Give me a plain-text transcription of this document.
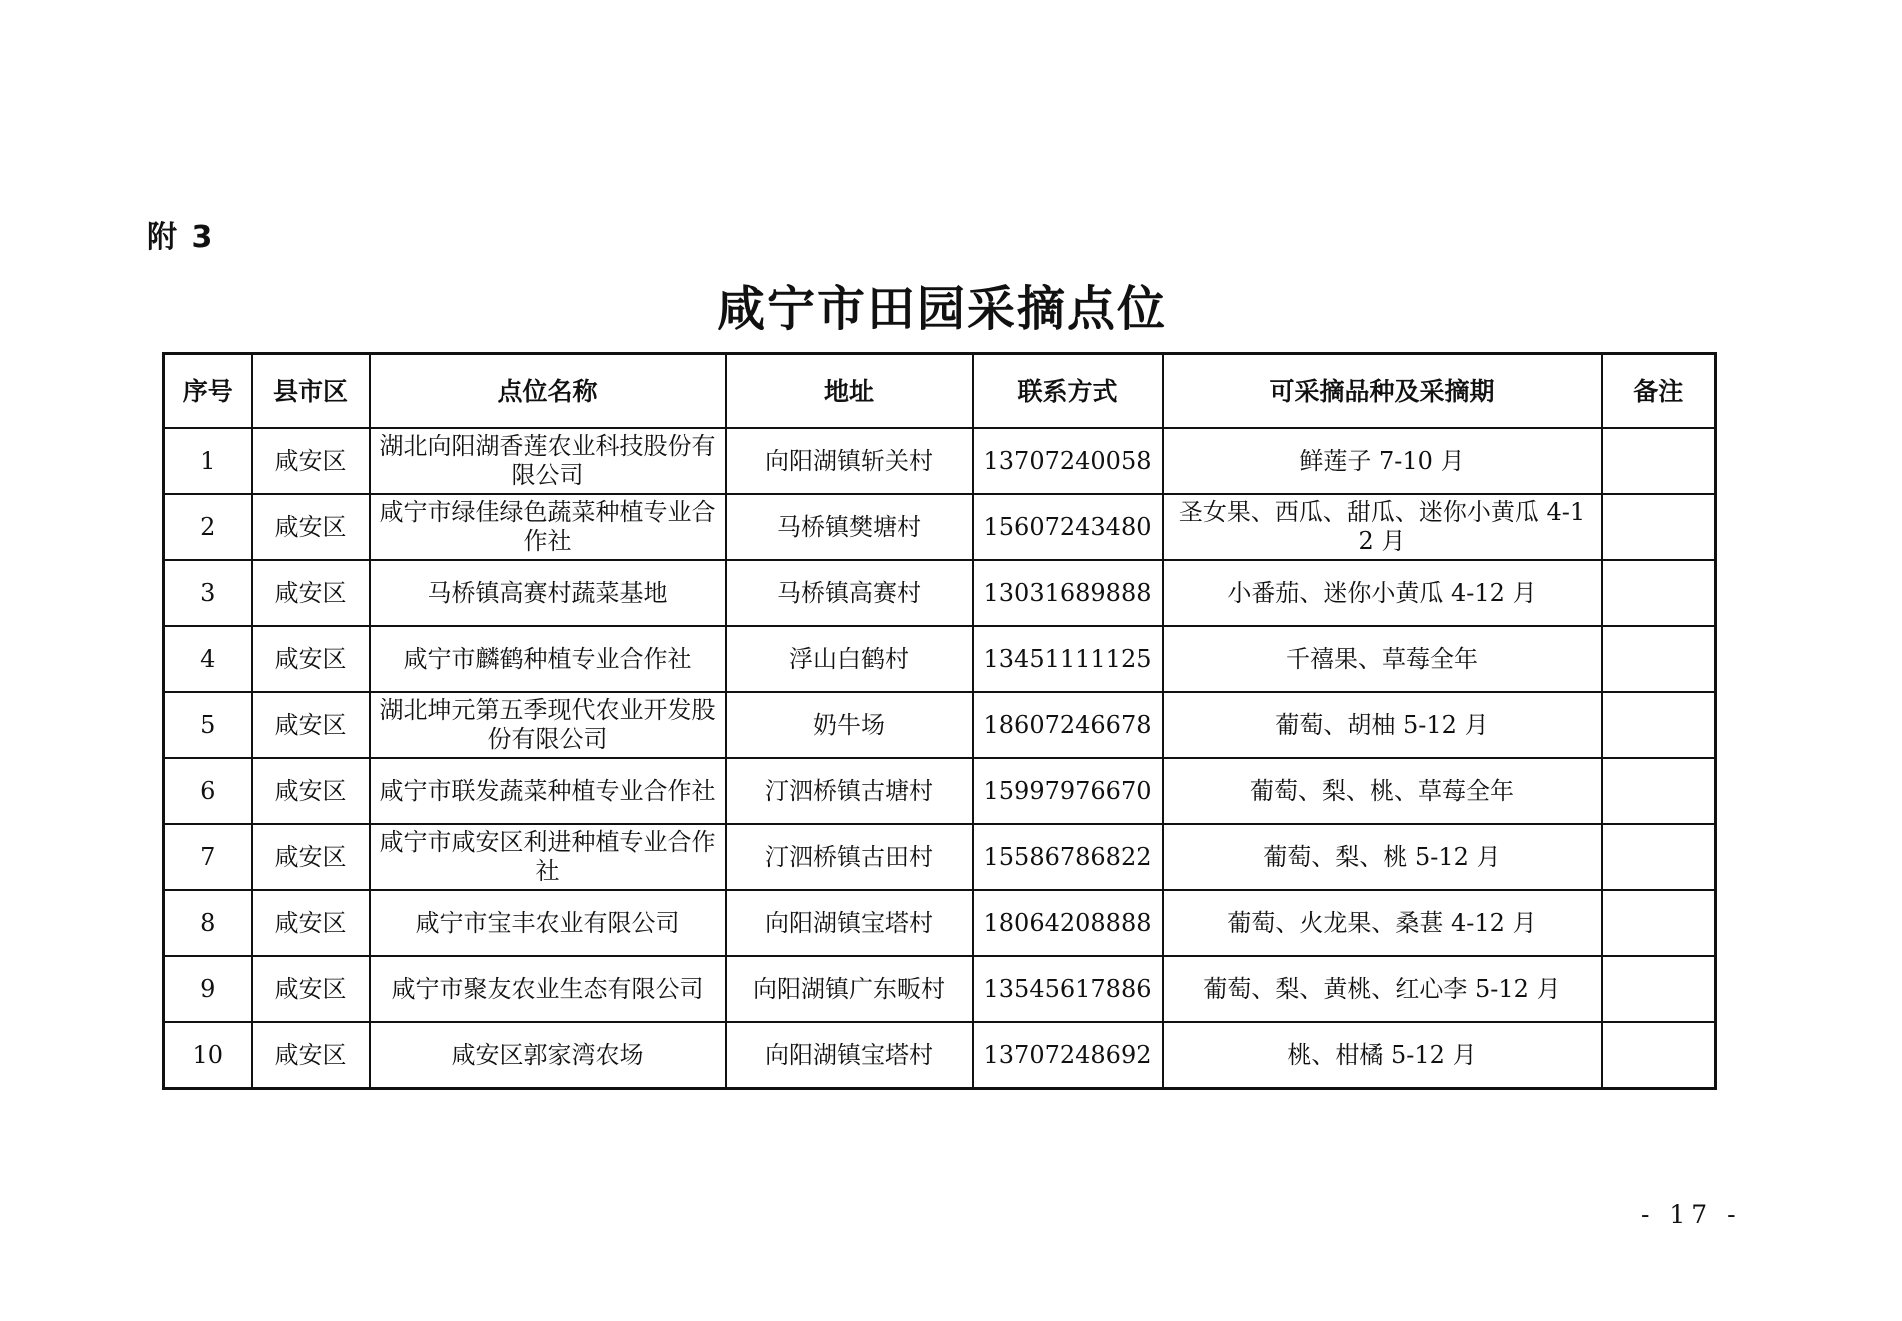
附 3
咸宁市田园采摘点位
序号	县市区	点位名称	地址	联系方式	可采摘品种及采摘期	备注
1	咸安区	湖北向阳湖香莲农业科技股份有限公司	向阳湖镇斩关村	13707240058	鲜莲子 7-10 月	
2	咸安区	咸宁市绿佳绿色蔬菜种植专业合作社	马桥镇樊塘村	15607243480	圣女果、西瓜、甜瓜、迷你小黄瓜 4-12 月	
3	咸安区	马桥镇高赛村蔬菜基地	马桥镇高赛村	13031689888	小番茄、迷你小黄瓜 4-12 月	
4	咸安区	咸宁市麟鹤种植专业合作社	浮山白鹤村	13451111125	千禧果、草莓全年	
5	咸安区	湖北坤元第五季现代农业开发股份有限公司	奶牛场	18607246678	葡萄、胡柚 5-12 月	
6	咸安区	咸宁市联发蔬菜种植专业合作社	汀泗桥镇古塘村	15997976670	葡萄、梨、桃、草莓全年	
7	咸安区	咸宁市咸安区利进种植专业合作社	汀泗桥镇古田村	15586786822	葡萄、梨、桃 5-12 月	
8	咸安区	咸宁市宝丰农业有限公司	向阳湖镇宝塔村	18064208888	葡萄、火龙果、桑葚 4-12 月	
9	咸安区	咸宁市聚友农业生态有限公司	向阳湖镇广东畈村	13545617886	葡萄、梨、黄桃、红心李 5-12 月	
10	咸安区	咸安区郭家湾农场	向阳湖镇宝塔村	13707248692	桃、柑橘 5-12 月	
- 17 -
